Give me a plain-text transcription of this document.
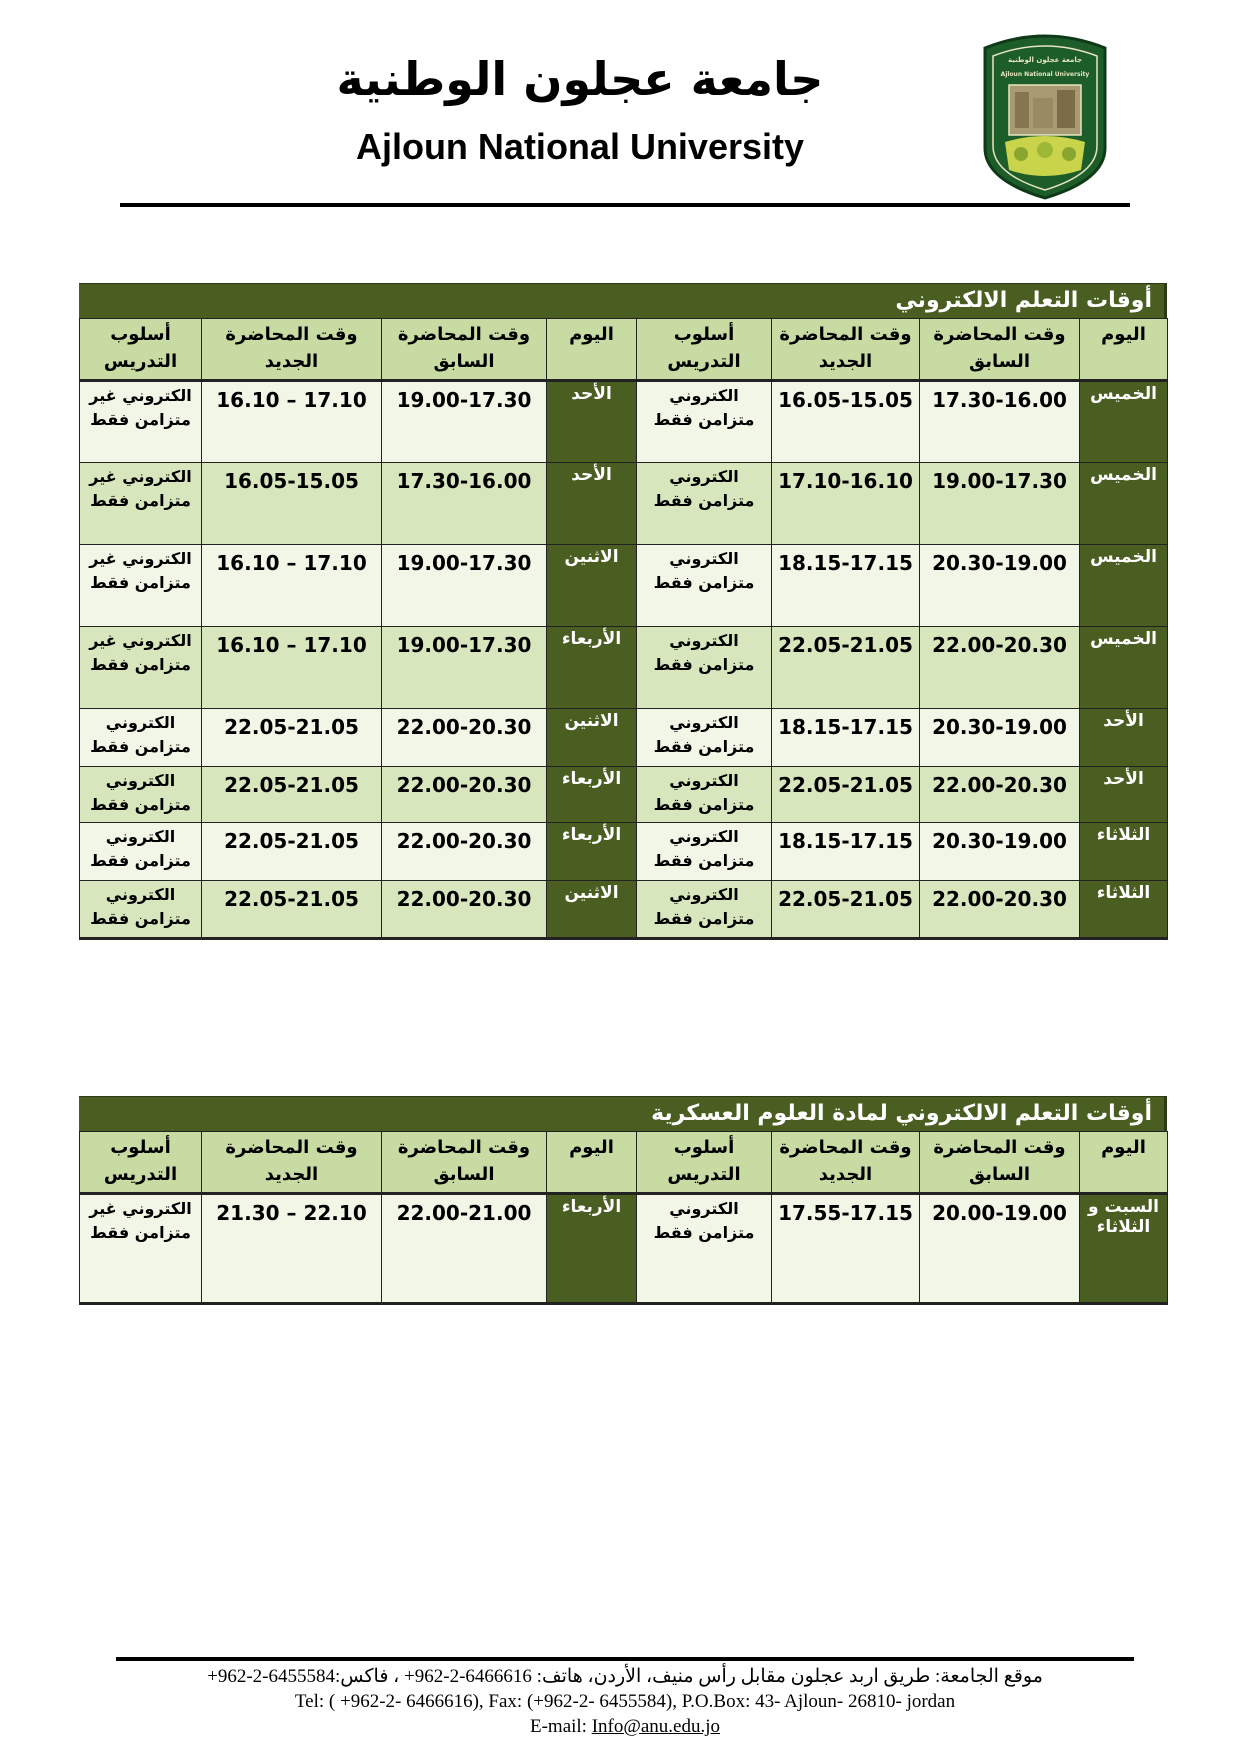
جامعة عجلون الوطنية
Ajloun National University
جامعة عجلون الوطنية
Ajloun National University
أوقات التعلم الالكتروني
اليوم	وقت المحاضرة السابق	وقت المحاضرة الجديد	أسلوب التدريس	اليوم	وقت المحاضرة السابق	وقت المحاضرة الجديد	أسلوب التدريس
الخميس	17.30-16.00	16.05-15.05	الكتروني متزامن فقط	الأحد	19.00-17.30	17.10 – 16.10	الكتروني غير متزامن فقط
الخميس	19.00-17.30	17.10-16.10	الكتروني متزامن فقط	الأحد	17.30-16.00	16.05-15.05	الكتروني غير متزامن فقط
الخميس	20.30-19.00	18.15-17.15	الكتروني متزامن فقط	الاثنين	19.00-17.30	17.10 – 16.10	الكتروني غير متزامن فقط
الخميس	22.00-20.30	22.05-21.05	الكتروني متزامن فقط	الأربعاء	19.00-17.30	17.10 – 16.10	الكتروني غير متزامن فقط
الأحد	20.30-19.00	18.15-17.15	الكتروني متزامن فقط	الاثنين	22.00-20.30	22.05-21.05	الكتروني متزامن فقط
الأحد	22.00-20.30	22.05-21.05	الكتروني متزامن فقط	الأربعاء	22.00-20.30	22.05-21.05	الكتروني متزامن فقط
الثلاثاء	20.30-19.00	18.15-17.15	الكتروني متزامن فقط	الأربعاء	22.00-20.30	22.05-21.05	الكتروني متزامن فقط
الثلاثاء	22.00-20.30	22.05-21.05	الكتروني متزامن فقط	الاثنين	22.00-20.30	22.05-21.05	الكتروني متزامن فقط
أوقات التعلم الالكتروني لمادة العلوم العسكرية
اليوم	وقت المحاضرة السابق	وقت المحاضرة الجديد	أسلوب التدريس	اليوم	وقت المحاضرة السابق	وقت المحاضرة الجديد	أسلوب التدريس
السبت و الثلاثاء	20.00-19.00	17.55-17.15	الكتروني متزامن فقط	الأربعاء	22.00-21.00	22.10 – 21.30	الكتروني غير متزامن فقط
موقع الجامعة: طريق اربد عجلون مقابل رأس منيف، الأردن، هاتف: 6466616-2-962+ ، فاكس:6455584-2-962+
Tel: ( +962-2- 6466616), Fax: (+962-2- 6455584), P.O.Box: 43- Ajloun- 26810- jordan
E-mail: Info@anu.edu.jo
